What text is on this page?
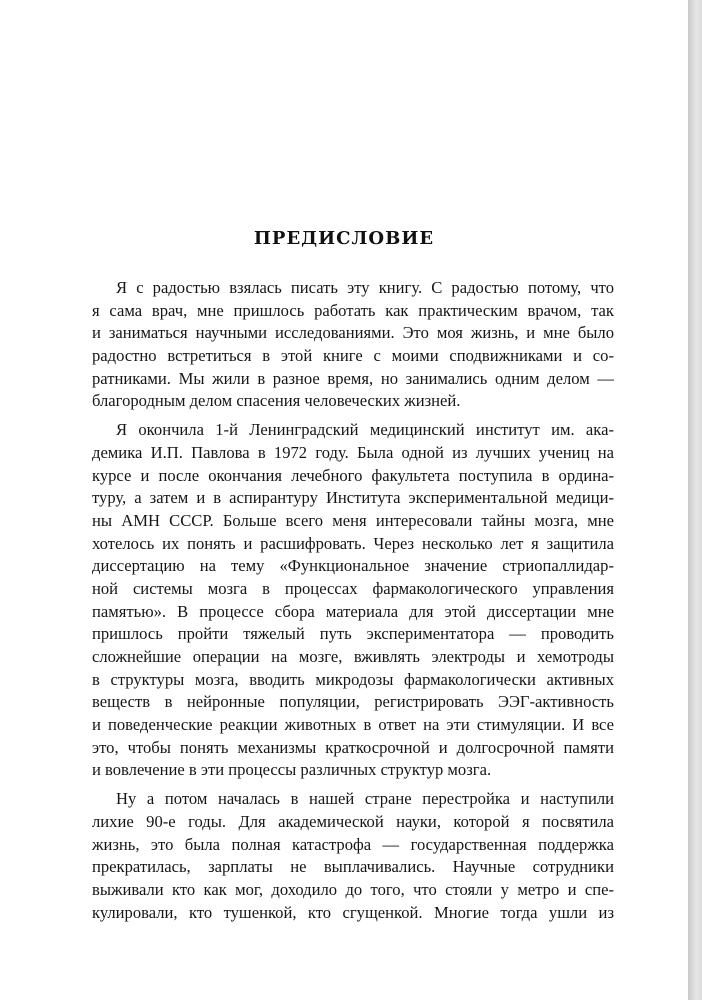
ПРЕДИСЛОВИЕ

Я с радостью взялась писать эту книгу. С радостью потому, что
я сама врач, мне пришлось работать как практическим врачом, так
и заниматься научными исследованиями. Это моя жизнь, и мне было
радостно встретиться в этой книге с моими сподвижниками и со-
ратниками. Мы жили в разное время, но занимались одним делом —
благородным делом спасения человеческих жизней.

Я окончила 1-й Ленинградский медицинский институт им. ака-
демика И.П. Павлова в 1972 году. Была одной из лучших учениц на
курсе и после окончания лечебного факультета поступила в ордина-
туру, а затем и в аспирантуру Института экспериментальной медици-
ны АМН СССР. Больше всего меня интересовали тайны мозга, мне
хотелось их понять и расшифровать. Через несколько лет я защитила
диссертацию на тему «Функциональное значение стриопаллидар-
ной системы мозга в процессах фармакологического управления
памятью». В процессе сбора материала для этой диссертации мне
пришлось пройти тяжелый путь экспериментатора — проводить
сложнейшие операции на мозге, вживлять электроды и хемотроды
в структуры мозга, вводить микродозы фармакологически активных
веществ в нейронные популяции, регистрировать ЭЭГ-активность
и поведенческие реакции животных в ответ на эти стимуляции. И все
это, чтобы понять механизмы краткосрочной и долгосрочной памяти
и вовлечение в эти процессы различных структур мозга.

Ну а потом началась в нашей стране перестройка и наступили
лихие 90-е годы. Для академической науки, которой я посвятила
жизнь, это была полная катастрофа — государственная поддержка
прекратилась, зарплаты не выплачивались. Научные сотрудники
выживали кто как мог, доходило до того, что стояли у метро и спе-
кулировали, кто тушенкой, кто сгущенкой. Многие тогда ушли из
